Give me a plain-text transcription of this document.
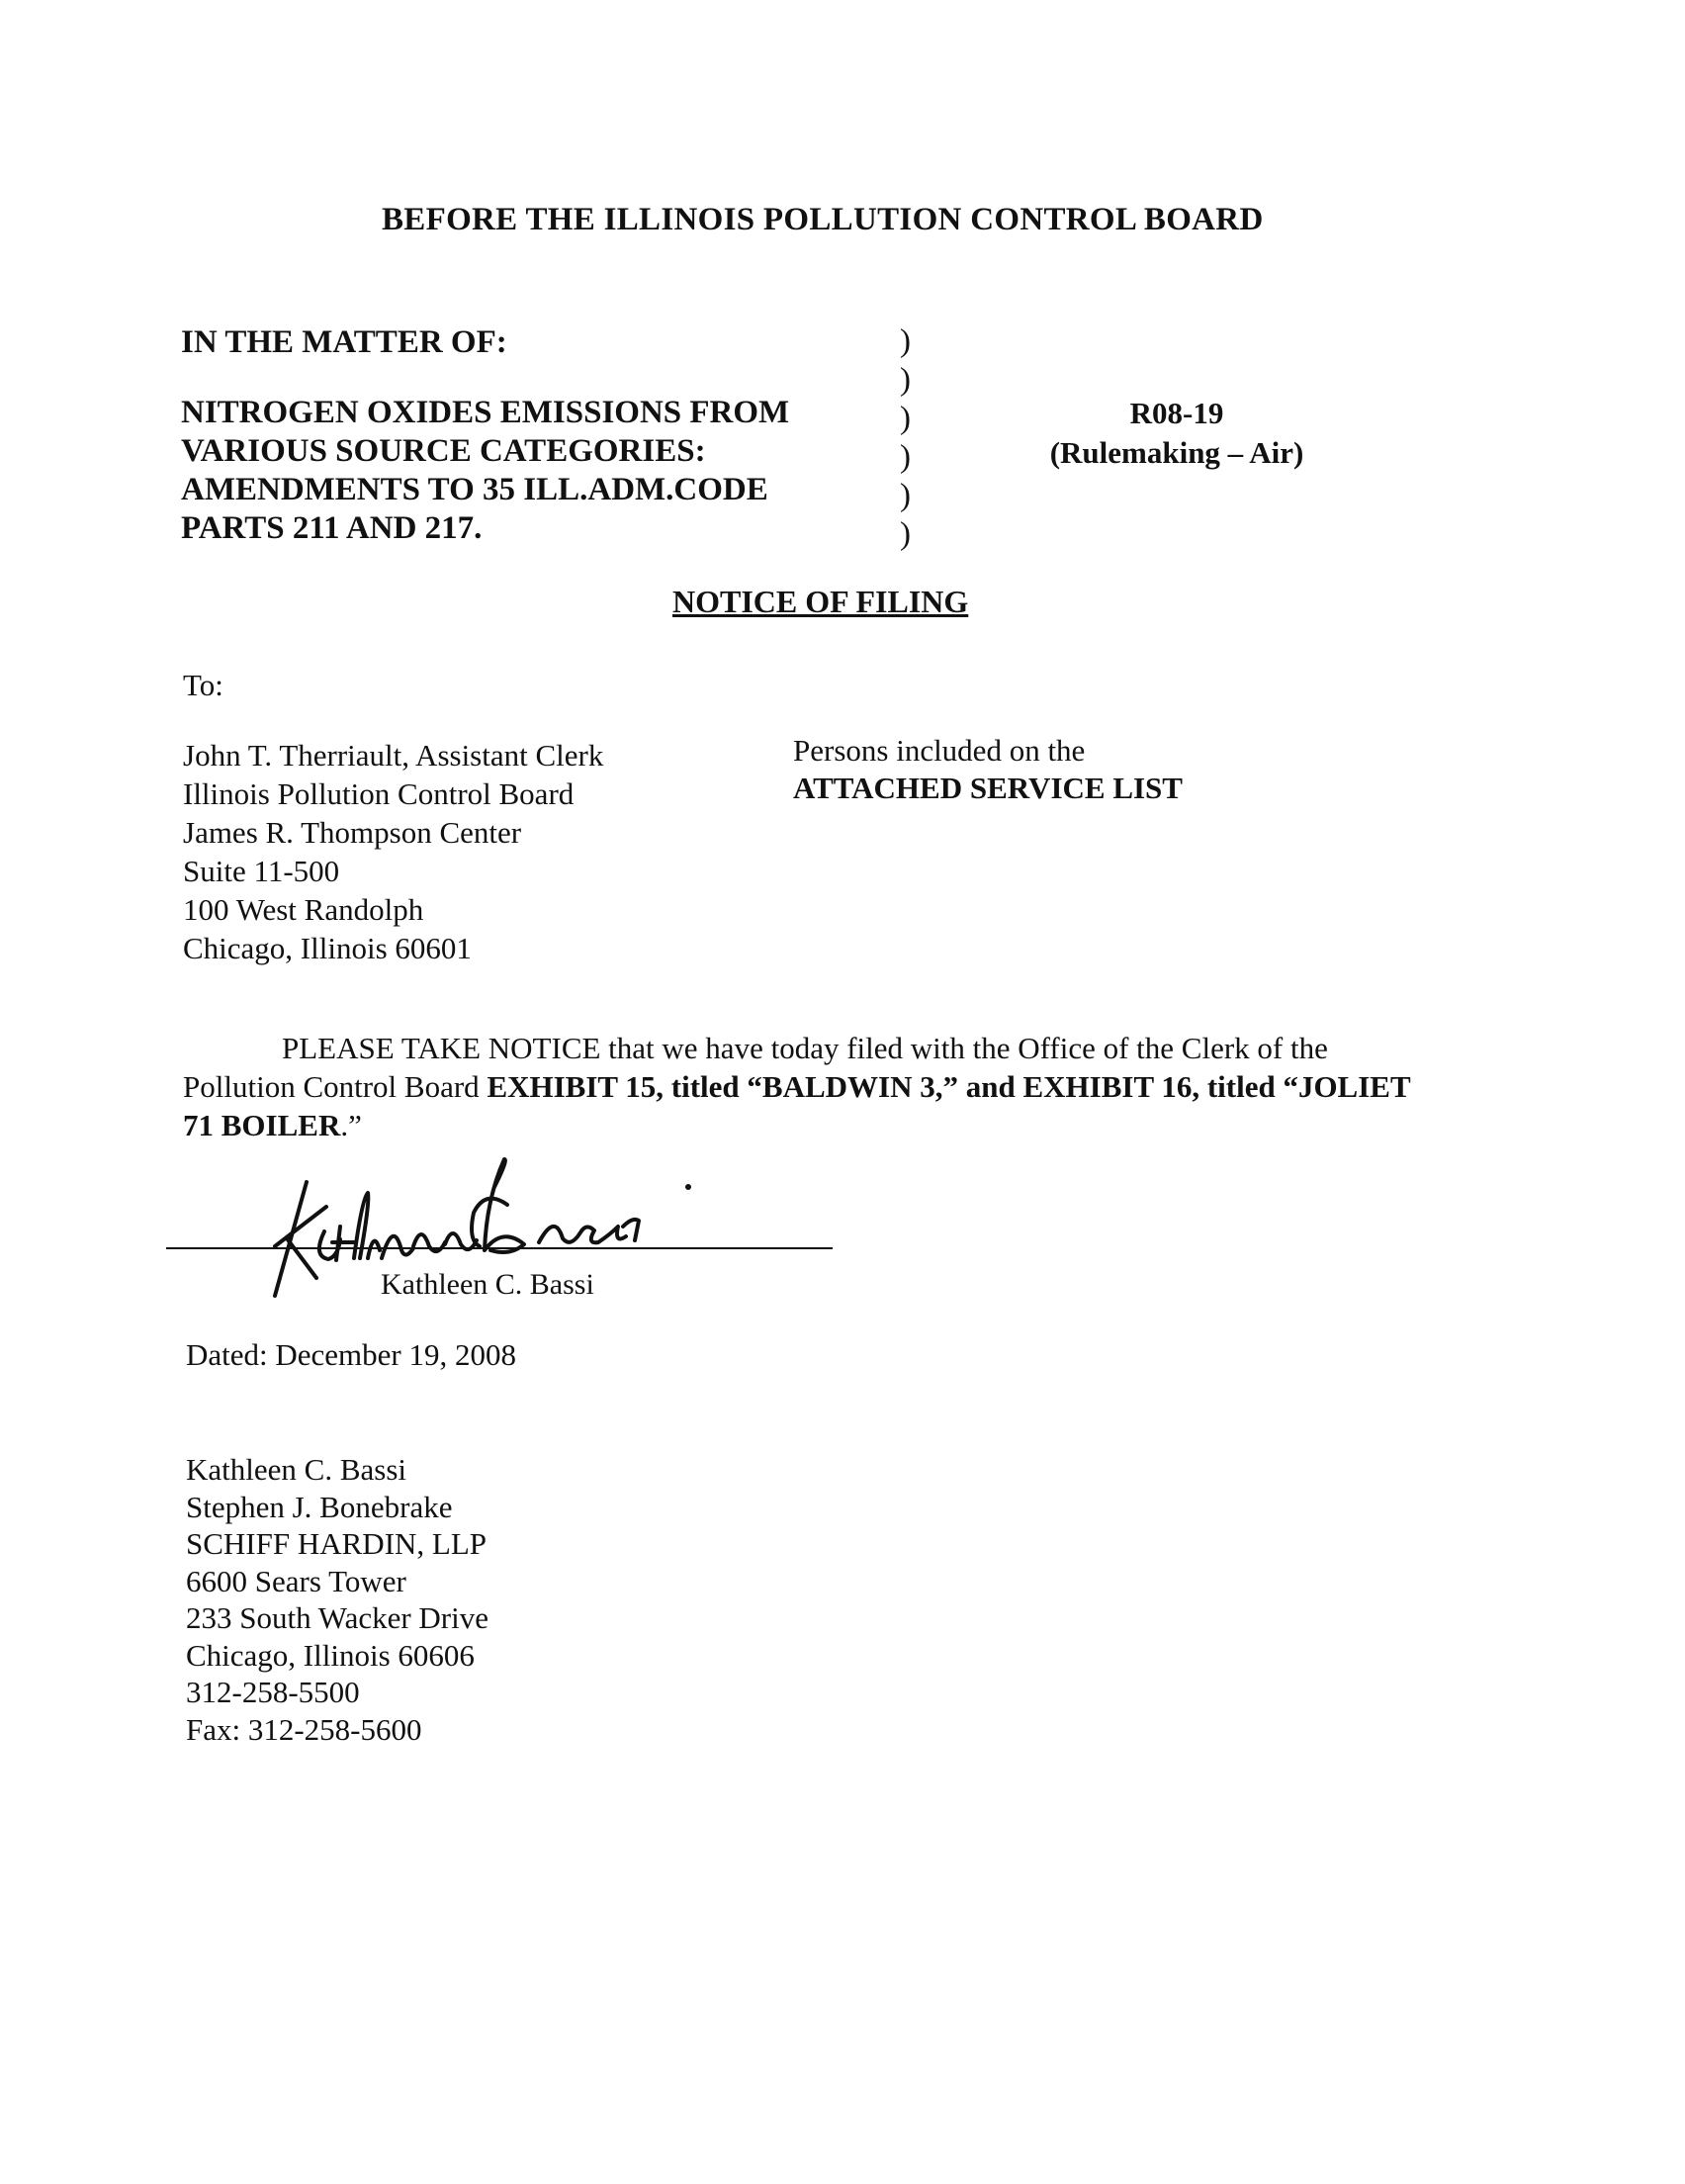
BEFORE THE ILLINOIS POLLUTION CONTROL BOARD
IN THE MATTER OF:
NITROGEN OXIDES EMISSIONS FROM
VARIOUS SOURCE CATEGORIES:
AMENDMENTS TO 35 ILL.ADM.CODE
PARTS 211 AND 217.
)
)
)
)
)
)
R08-19
(Rulemaking – Air)
NOTICE OF FILING
To:
John T. Therriault, Assistant Clerk
Illinois Pollution Control Board
James R. Thompson Center
Suite 11-500
100 West Randolph
Chicago, Illinois 60601
Persons included on the
ATTACHED SERVICE LIST
PLEASE TAKE NOTICE that we have today filed with the Office of the Clerk of the Pollution Control Board EXHIBIT 15, titled “BALDWIN 3,” and EXHIBIT 16, titled “JOLIET 71 BOILER.”
Kathleen C. Bassi
Dated: December 19, 2008
Kathleen C. Bassi
Stephen J. Bonebrake
SCHIFF HARDIN, LLP
6600 Sears Tower
233 South Wacker Drive
Chicago, Illinois 60606
312-258-5500
Fax: 312-258-5600
